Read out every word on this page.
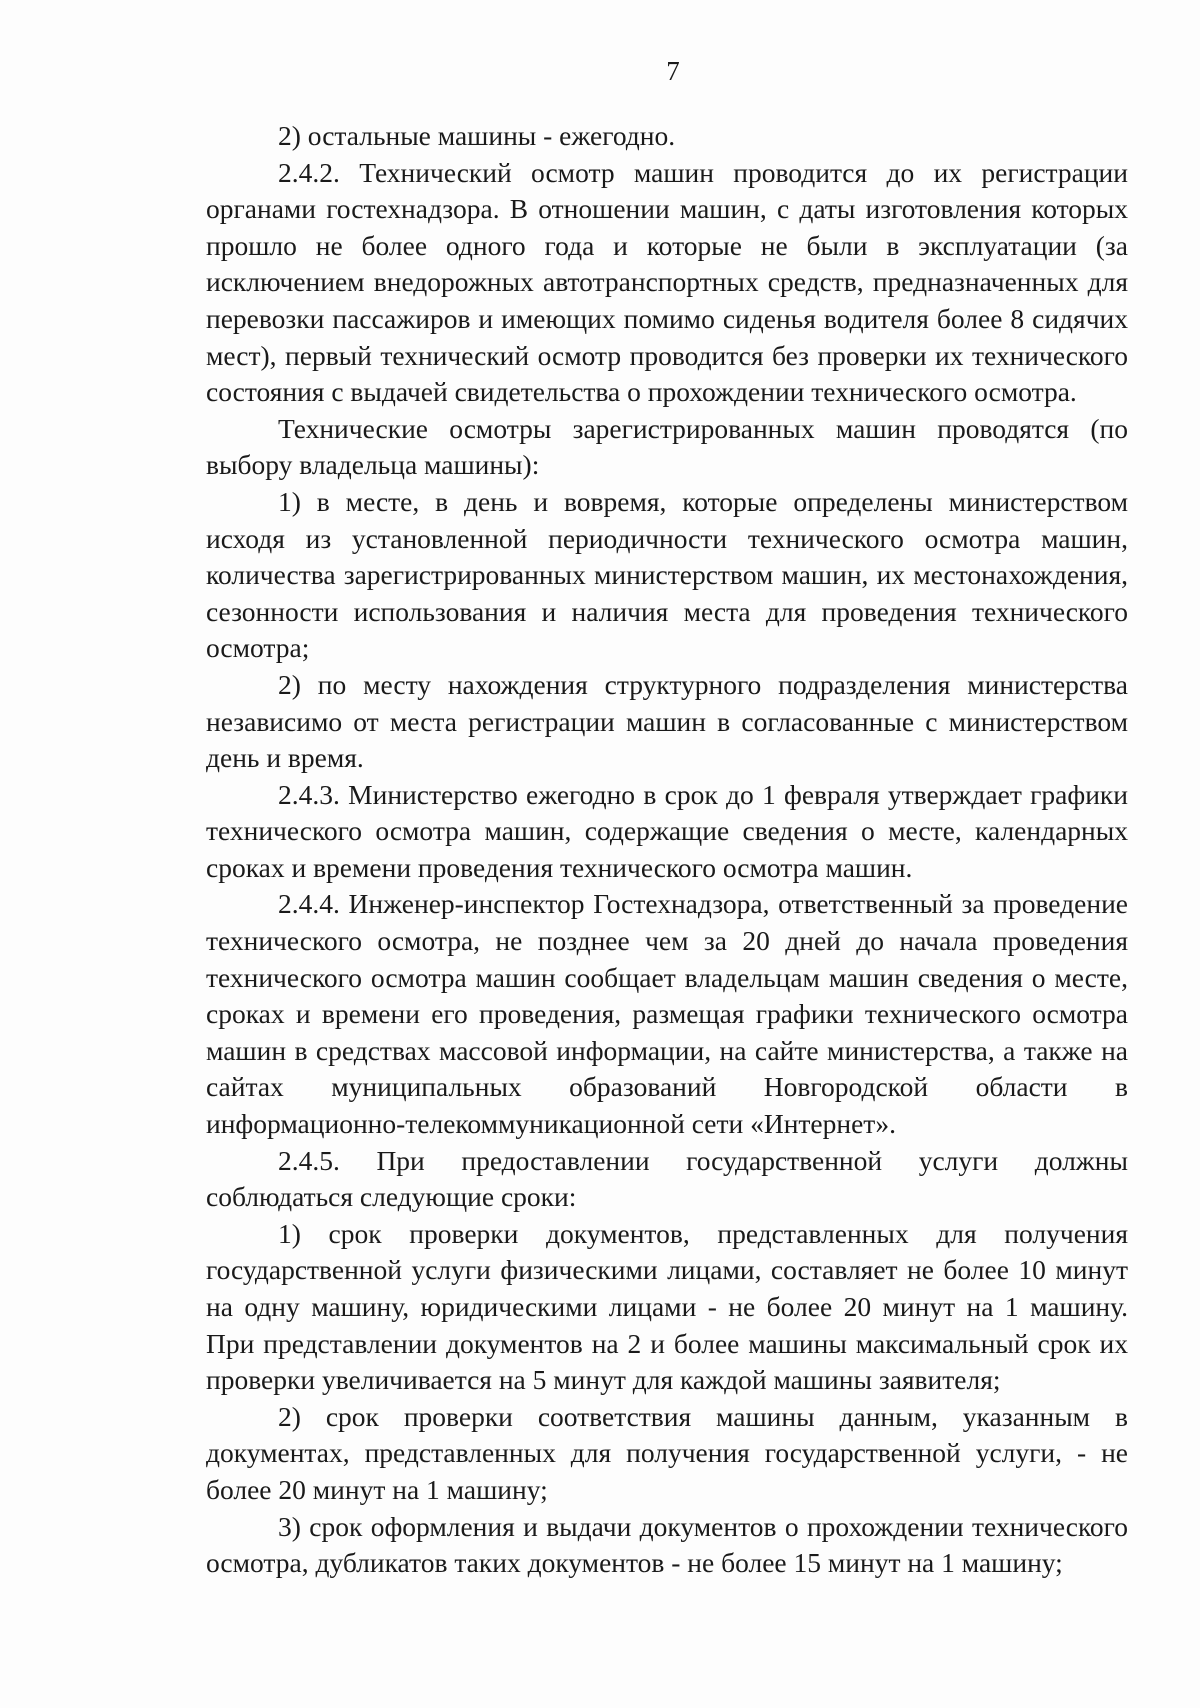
7

2) остальные машины - ежегодно.

2.4.2. Технический осмотр машин проводится до их регистрации органами гостехнадзора. В отношении машин, с даты изготовления которых прошло не более одного года и которые не были в эксплуатации (за исключением внедорожных автотранспортных средств, предназначенных для перевозки пассажиров и имеющих помимо сиденья водителя более 8 сидячих мест), первый технический осмотр проводится без проверки их технического состояния с выдачей свидетельства о прохождении технического осмотра.

Технические осмотры зарегистрированных машин проводятся (по выбору владельца машины):

1) в месте, в день и вовремя, которые определены министерством исходя из установленной периодичности технического осмотра машин, количества зарегистрированных министерством машин, их местонахождения, сезонности использования и наличия места для проведения технического осмотра;

2) по месту нахождения структурного подразделения министерства независимо от места регистрации машин в согласованные с министерством день и время.

2.4.3. Министерство ежегодно в срок до 1 февраля утверждает графики технического осмотра машин, содержащие сведения о месте, календарных сроках и времени проведения технического осмотра машин.

2.4.4. Инженер-инспектор Гостехнадзора, ответственный за проведение технического осмотра, не позднее чем за 20 дней до начала проведения технического осмотра машин сообщает владельцам машин сведения о месте, сроках и времени его проведения, размещая графики технического осмотра машин в средствах массовой информации, на сайте министерства, а также на сайтах муниципальных образований Новгородской области в информационно-телекоммуникационной сети «Интернет».

2.4.5. При предоставлении государственной услуги должны соблюдаться следующие сроки:

1) срок проверки документов, представленных для получения государственной услуги физическими лицами, составляет не более 10 минут на одну машину, юридическими лицами - не более 20 минут на 1 машину. При представлении документов на 2 и более машины максимальный срок их проверки увеличивается на 5 минут для каждой машины заявителя;

2) срок проверки соответствия машины данным, указанным в документах, представленных для получения государственной услуги, - не более 20 минут на 1 машину;

3) срок оформления и выдачи документов о прохождении технического осмотра, дубликатов таких документов - не более 15 минут на 1 машину;
